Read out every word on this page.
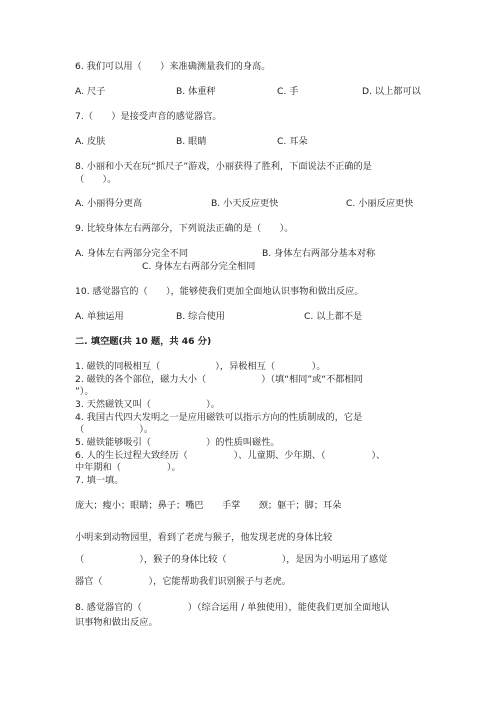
6. 我们可以用（　　）来准确测量我们的身高。
A. 尺子	B. 体重秤	C. 手	D. 以上都可以
7.（　　）是接受声音的感觉器官。
A. 皮肤	B. 眼睛	C. 耳朵
8. 小丽和小天在玩“抓尺子”游戏，小丽获得了胜利，下面说法不正确的是
（　　）。
A. 小丽得分更高	B. 小天反应更快	C. 小丽反应更快
9. 比较身体左右两部分，下列说法正确的是（　　）。
A. 身体左右两部分完全不同	B. 身体左右两部分基本对称
C. 身体左右两部分完全相同
10. 感觉器官的（　　），能够使我们更加全面地认识事物和做出反应。
A. 单独运用	B. 综合使用	C. 以上都不是
二. 填空题(共 10 题，共 46 分)
1. 磁铁的同极相互（　　　　　　），异极相互（　　　　）。
2. 磁铁的各个部位，磁力大小（　　　　　　）（填“相同”或“不都相同
”）。
3. 天然磁铁又叫（　　　　　　）。
4. 我国古代四大发明之一是应用磁铁可以指示方向的性质制成的，它是
（　　　　　　）。
5. 磁铁能够吸引（　　　　　　）的性质叫磁性。
6. 人的生长过程大致经历（　　　　　）、儿童期、少年期、（　　　　　）、
中年期和（　　　　　）。
7. 填一填。
庞大；瘦小；眼睛；鼻子；嘴巴　　手掌　　颈；躯干；脚；耳朵
小明来到动物园里，看到了老虎与猴子，他发现老虎的身体比较
（　　　　　　），猴子的身体比较（　　　　　　），是因为小明运用了感觉
器官（　　　　　），它能帮助我们识别猴子与老虎。
8. 感觉器官的（　　　　　）（综合运用 / 单独使用），能使我们更加全面地认
识事物和做出反应。
